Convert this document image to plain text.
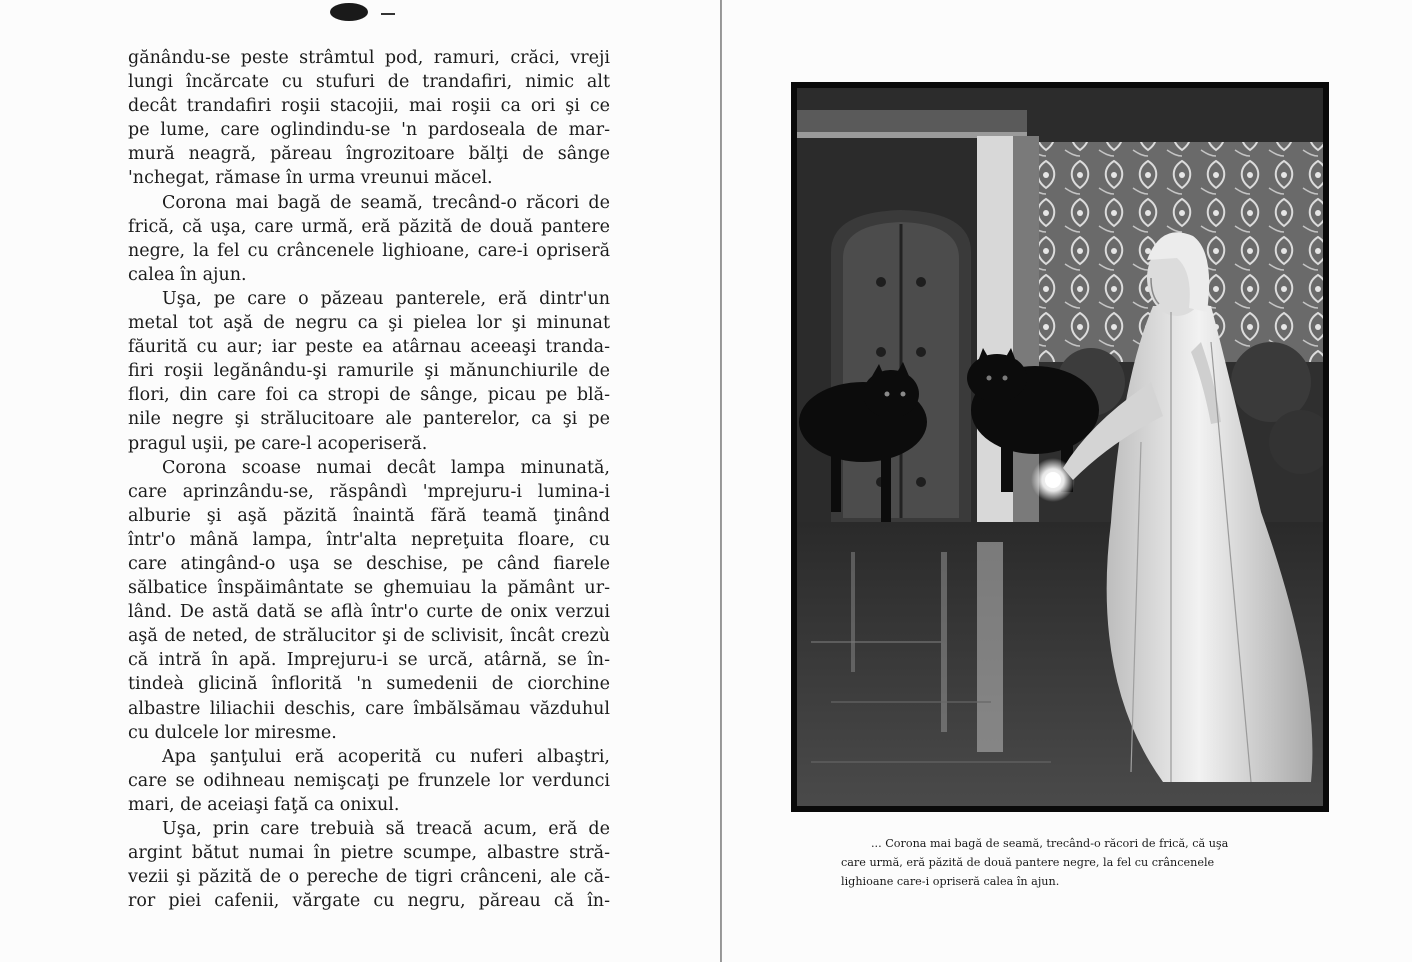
gănându-se peste strâmtul pod, ramuri, crăci, vreji
lungi încărcate cu stufuri de trandafiri, nimic alt
decât trandafiri roşii stacojii, mai roşii ca ori şi ce
pe lume, care oglindindu-se 'n pardoseala de mar-
mură neagră, păreau îngrozitoare bălţi de sânge
'nchegat, rămase în urma vreunui măcel.
Corona mai bagă de seamă, trecând-o răcori de
frică, că uşa, care urmă, eră păzită de două pantere
negre, la fel cu crâncenele lighioane, care-i opriseră
calea în ajun.
Uşa, pe care o păzeau panterele, eră dintr'un
metal tot aşă de negru ca şi pielea lor şi minunat
făurită cu aur; iar peste ea atârnau aceeaşi tranda-
firi roşii legănându-şi ramurile şi mănunchiurile de
flori, din care foi ca stropi de sânge, picau pe blă-
nile negre şi strălucitoare ale panterelor, ca şi pe
pragul uşii, pe care-l acoperiseră.
Corona scoase numai decât lampa minunată,
care aprinzându-se, răspândì 'mprejuru-i lumina-i
alburie şi aşă păzită înaintă fără teamă ţinând
într'o mână lampa, într'alta nepreţuita floare, cu
care atingând-o uşa se deschise, pe când fiarele
sălbatice înspăimântate se ghemuiau la pământ ur-
lând. De astă dată se aflà într'o curte de onix verzui
aşă de neted, de strălucitor şi de sclivisit, încât crezù
că intră în apă. Imprejuru-i se urcă, atârnă, se în-
tindeà glicină înflorită 'n sumedenii de ciorchine
albastre liliachii deschis, care îmbălsămau văzduhul
cu dulcele lor miresme.
Apa şanţului eră acoperită cu nuferi albaştri,
care se odihneau nemişcaţi pe frunzele lor verdunci
mari, de aceiaşi faţă ca onixul.
Uşa, prin care trebuià să treacă acum, eră de
argint bătut numai în pietre scumpe, albastre stră-
vezii şi păzită de o pereche de tigri crânceni, ale că-
ror piei cafenii, vărgate cu negru, păreau că în-
... Corona mai bagă de seamă, trecând-o răcori de frică, că uşa
care urmă, eră păzită de două pantere negre, la fel cu crâncenele
lighioane care-i opriseră calea în ajun.
